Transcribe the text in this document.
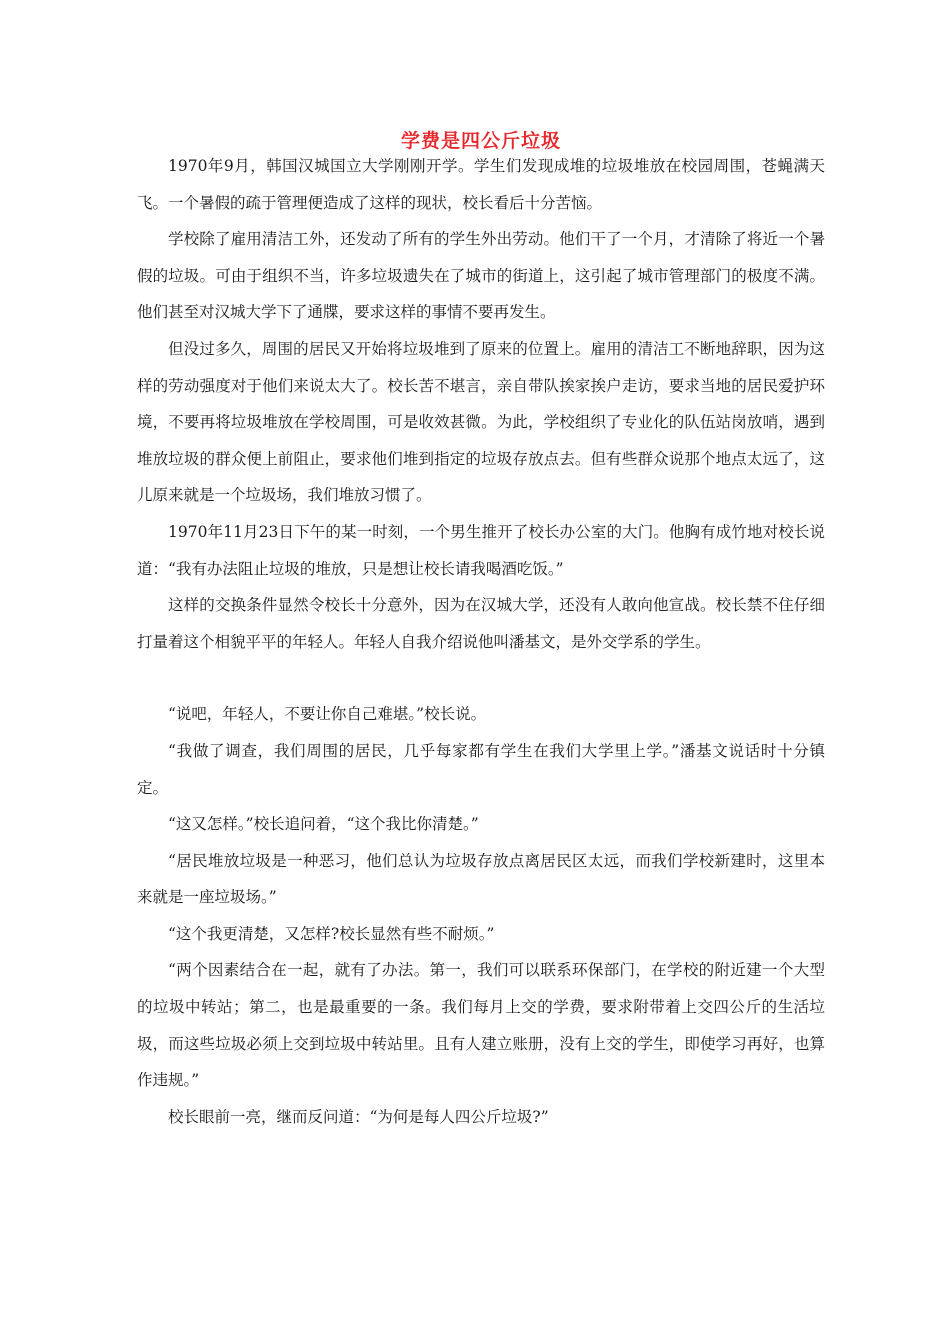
学费是四公斤垃圾

1970年9月，韩国汉城国立大学刚刚开学。学生们发现成堆的垃圾堆放在校园周围，苍蝇满天飞。一个暑假的疏于管理便造成了这样的现状，校长看后十分苦恼。

学校除了雇用清洁工外，还发动了所有的学生外出劳动。他们干了一个月，才清除了将近一个暑假的垃圾。可由于组织不当，许多垃圾遗失在了城市的街道上，这引起了城市管理部门的极度不满。他们甚至对汉城大学下了通牒，要求这样的事情不要再发生。

但没过多久，周围的居民又开始将垃圾堆到了原来的位置上。雇用的清洁工不断地辞职，因为这样的劳动强度对于他们来说太大了。校长苦不堪言，亲自带队挨家挨户走访，要求当地的居民爱护环境，不要再将垃圾堆放在学校周围，可是收效甚微。为此，学校组织了专业化的队伍站岗放哨，遇到堆放垃圾的群众便上前阻止，要求他们堆到指定的垃圾存放点去。但有些群众说那个地点太远了，这儿原来就是一个垃圾场，我们堆放习惯了。

1970年11月23日下午的某一时刻，一个男生推开了校长办公室的大门。他胸有成竹地对校长说道：“我有办法阻止垃圾的堆放，只是想让校长请我喝酒吃饭。”

这样的交换条件显然令校长十分意外，因为在汉城大学，还没有人敢向他宣战。校长禁不住仔细打量着这个相貌平平的年轻人。年轻人自我介绍说他叫潘基文，是外交学系的学生。

“说吧，年轻人，不要让你自己难堪。”校长说。

“我做了调查，我们周围的居民，几乎每家都有学生在我们大学里上学。”潘基文说话时十分镇定。

“这又怎样。”校长追问着，“这个我比你清楚。”

“居民堆放垃圾是一种恶习，他们总认为垃圾存放点离居民区太远，而我们学校新建时，这里本来就是一座垃圾场。”

“这个我更清楚，又怎样?校长显然有些不耐烦。”

“两个因素结合在一起，就有了办法。第一，我们可以联系环保部门，在学校的附近建一个大型的垃圾中转站；第二，也是最重要的一条。我们每月上交的学费，要求附带着上交四公斤的生活垃圾，而这些垃圾必须上交到垃圾中转站里。且有人建立账册，没有上交的学生，即使学习再好，也算作违规。”

校长眼前一亮，继而反问道：“为何是每人四公斤垃圾?”
